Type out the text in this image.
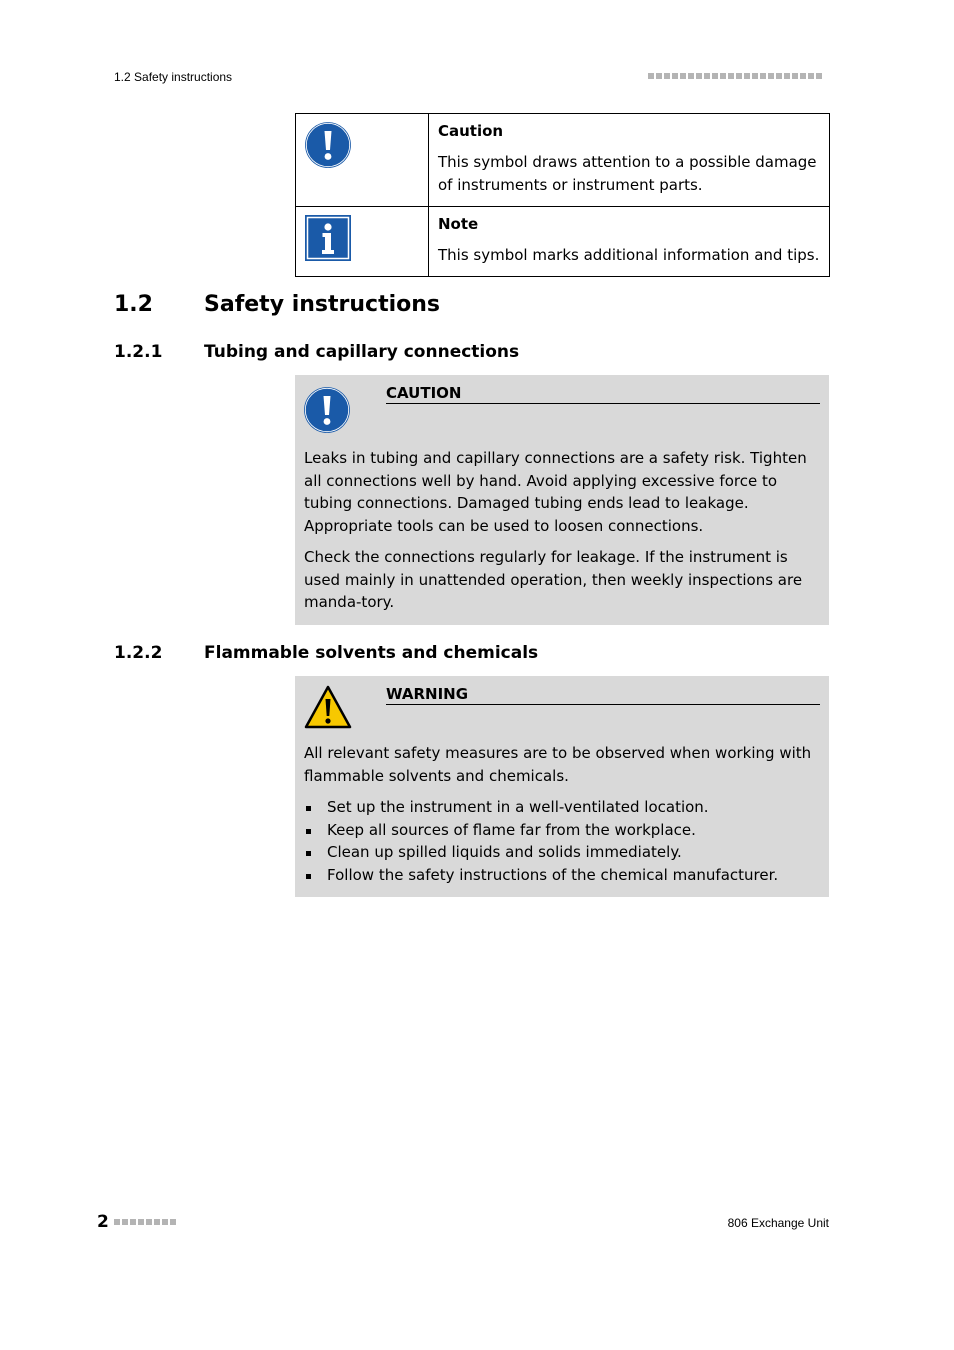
1.2 Safety instructions

Caution
This symbol draws attention to a possible damage of instruments or instrument parts.

Note
This symbol marks additional information and tips.
1.2 Safety instructions
1.2.1 Tubing and capillary connections
CAUTION

Leaks in tubing and capillary connections are a safety risk. Tighten all connections well by hand. Avoid applying excessive force to tubing connections. Damaged tubing ends lead to leakage. Appropriate tools can be used to loosen connections.

Check the connections regularly for leakage. If the instrument is used mainly in unattended operation, then weekly inspections are manda-tory.

1.2.2 Flammable solvents and chemicals
WARNING

All relevant safety measures are to be observed when working with flammable solvents and chemicals.

Set up the instrument in a well-ventilated location.
Keep all sources of flame far from the workplace.
Clean up spilled liquids and solids immediately.
Follow the safety instructions of the chemical manufacturer.
2	806 Exchange Unit
